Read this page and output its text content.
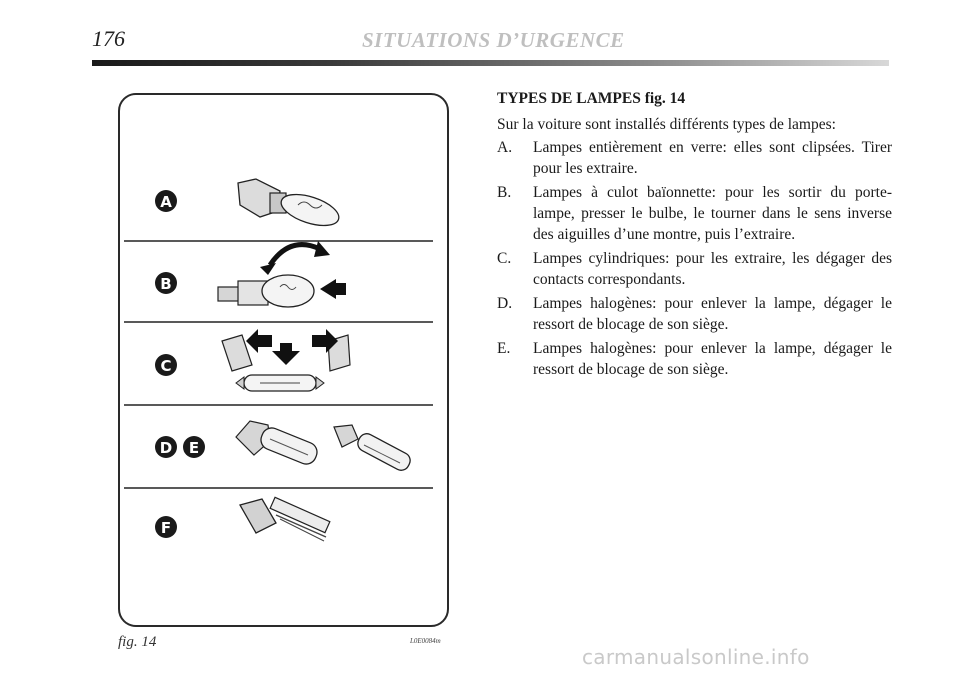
176	SITUATIONS D’URGENCE
A
B
C
D E
F
fig. 14	L0E0084m
TYPES DE LAMPES fig. 14
Sur la voiture sont installés différents types de lampes:
A. Lampes entièrement en verre: elles sont clipsées. Tirer pour les extraire.
B. Lampes à culot baïonnette: pour les sortir du porte-lampe, presser le bulbe, le tourner dans le sens inverse des aiguilles d’une montre, puis l’extraire.
C. Lampes cylindriques: pour les extraire, les dégager des contacts correspondants.
D. Lampes halogènes: pour enlever la lampe, dégager le ressort de blocage de son siège.
E. Lampes halogènes: pour enlever la lampe, dégager le ressort de blocage de son siège.
carmanualsonline.info
